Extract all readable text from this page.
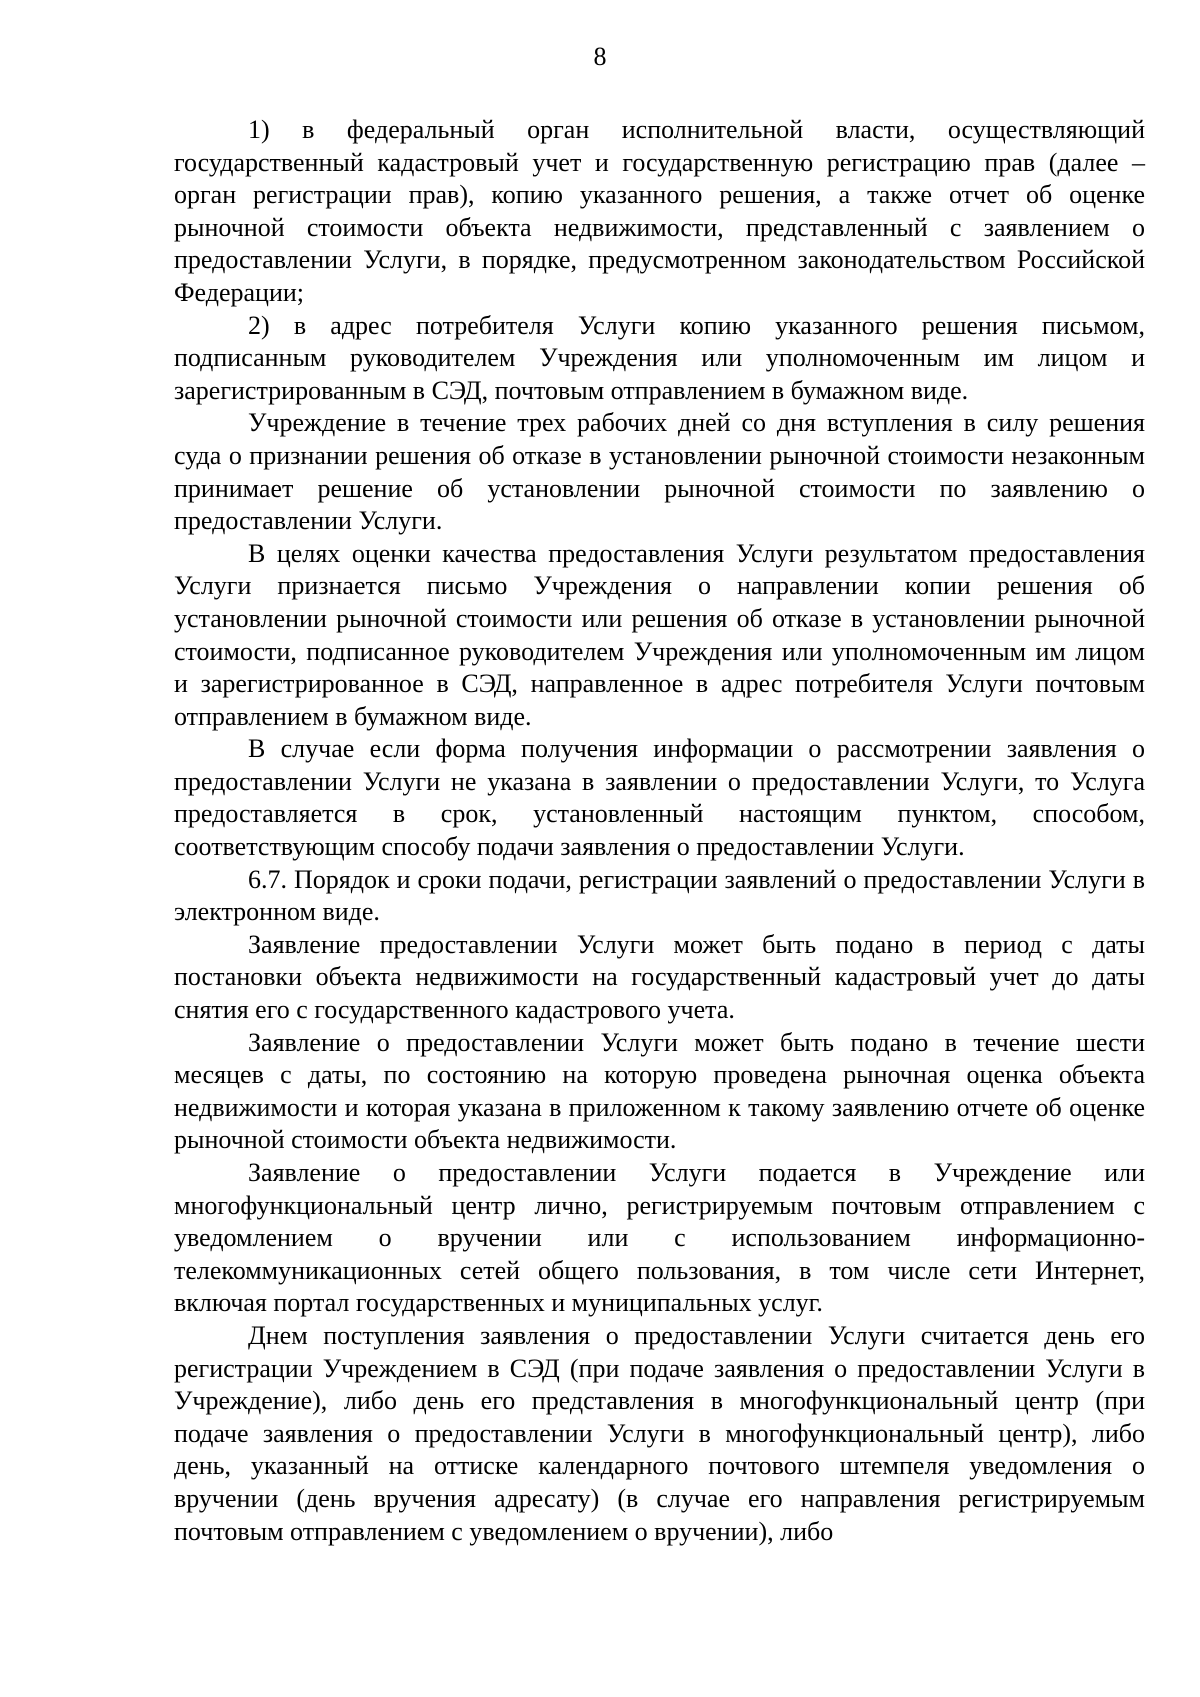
8

1) в федеральный орган исполнительной власти, осуществляющий государственный кадастровый учет и государственную регистрацию прав (далее – орган регистрации прав), копию указанного решения, а также отчет об оценке рыночной стоимости объекта недвижимости, представленный с заявлением о предоставлении Услуги, в порядке, предусмотренном законодательством Российской Федерации;

2) в адрес потребителя Услуги копию указанного решения письмом, подписанным руководителем Учреждения или уполномоченным им лицом и зарегистрированным в СЭД, почтовым отправлением в бумажном виде.

Учреждение в течение трех рабочих дней со дня вступления в силу решения суда о признании решения об отказе в установлении рыночной стоимости незаконным принимает решение об установлении рыночной стоимости по заявлению о предоставлении Услуги.

В целях оценки качества предоставления Услуги результатом предоставления Услуги признается письмо Учреждения о направлении копии решения об установлении рыночной стоимости или решения об отказе в установлении рыночной стоимости, подписанное руководителем Учреждения или уполномоченным им лицом и зарегистрированное в СЭД, направленное в адрес потребителя Услуги почтовым отправлением в бумажном виде.

В случае если форма получения информации о рассмотрении заявления о предоставлении Услуги не указана в заявлении о предоставлении Услуги, то Услуга предоставляется в срок, установленный настоящим пунктом, способом, соответствующим способу подачи заявления о предоставлении Услуги.

6.7. Порядок и сроки подачи, регистрации заявлений о предоставлении Услуги в электронном виде.

Заявление предоставлении Услуги может быть подано в период с даты постановки объекта недвижимости на государственный кадастровый учет до даты снятия его с государственного кадастрового учета.

Заявление о предоставлении Услуги может быть подано в течение шести месяцев с даты, по состоянию на которую проведена рыночная оценка объекта недвижимости и которая указана в приложенном к такому заявлению отчете об оценке рыночной стоимости объекта недвижимости.

Заявление о предоставлении Услуги подается в Учреждение или многофункциональный центр лично, регистрируемым почтовым отправлением с уведомлением о вручении или с использованием информационно-телекоммуникационных сетей общего пользования, в том числе сети Интернет, включая портал государственных и муниципальных услуг.

Днем поступления заявления о предоставлении Услуги считается день его регистрации Учреждением в СЭД (при подаче заявления о предоставлении Услуги в Учреждение), либо день его представления в многофункциональный центр (при подаче заявления о предоставлении Услуги в многофункциональный центр), либо день, указанный на оттиске календарного почтового штемпеля уведомления о вручении (день вручения адресату) (в случае его направления регистрируемым почтовым отправлением с уведомлением о вручении), либо
